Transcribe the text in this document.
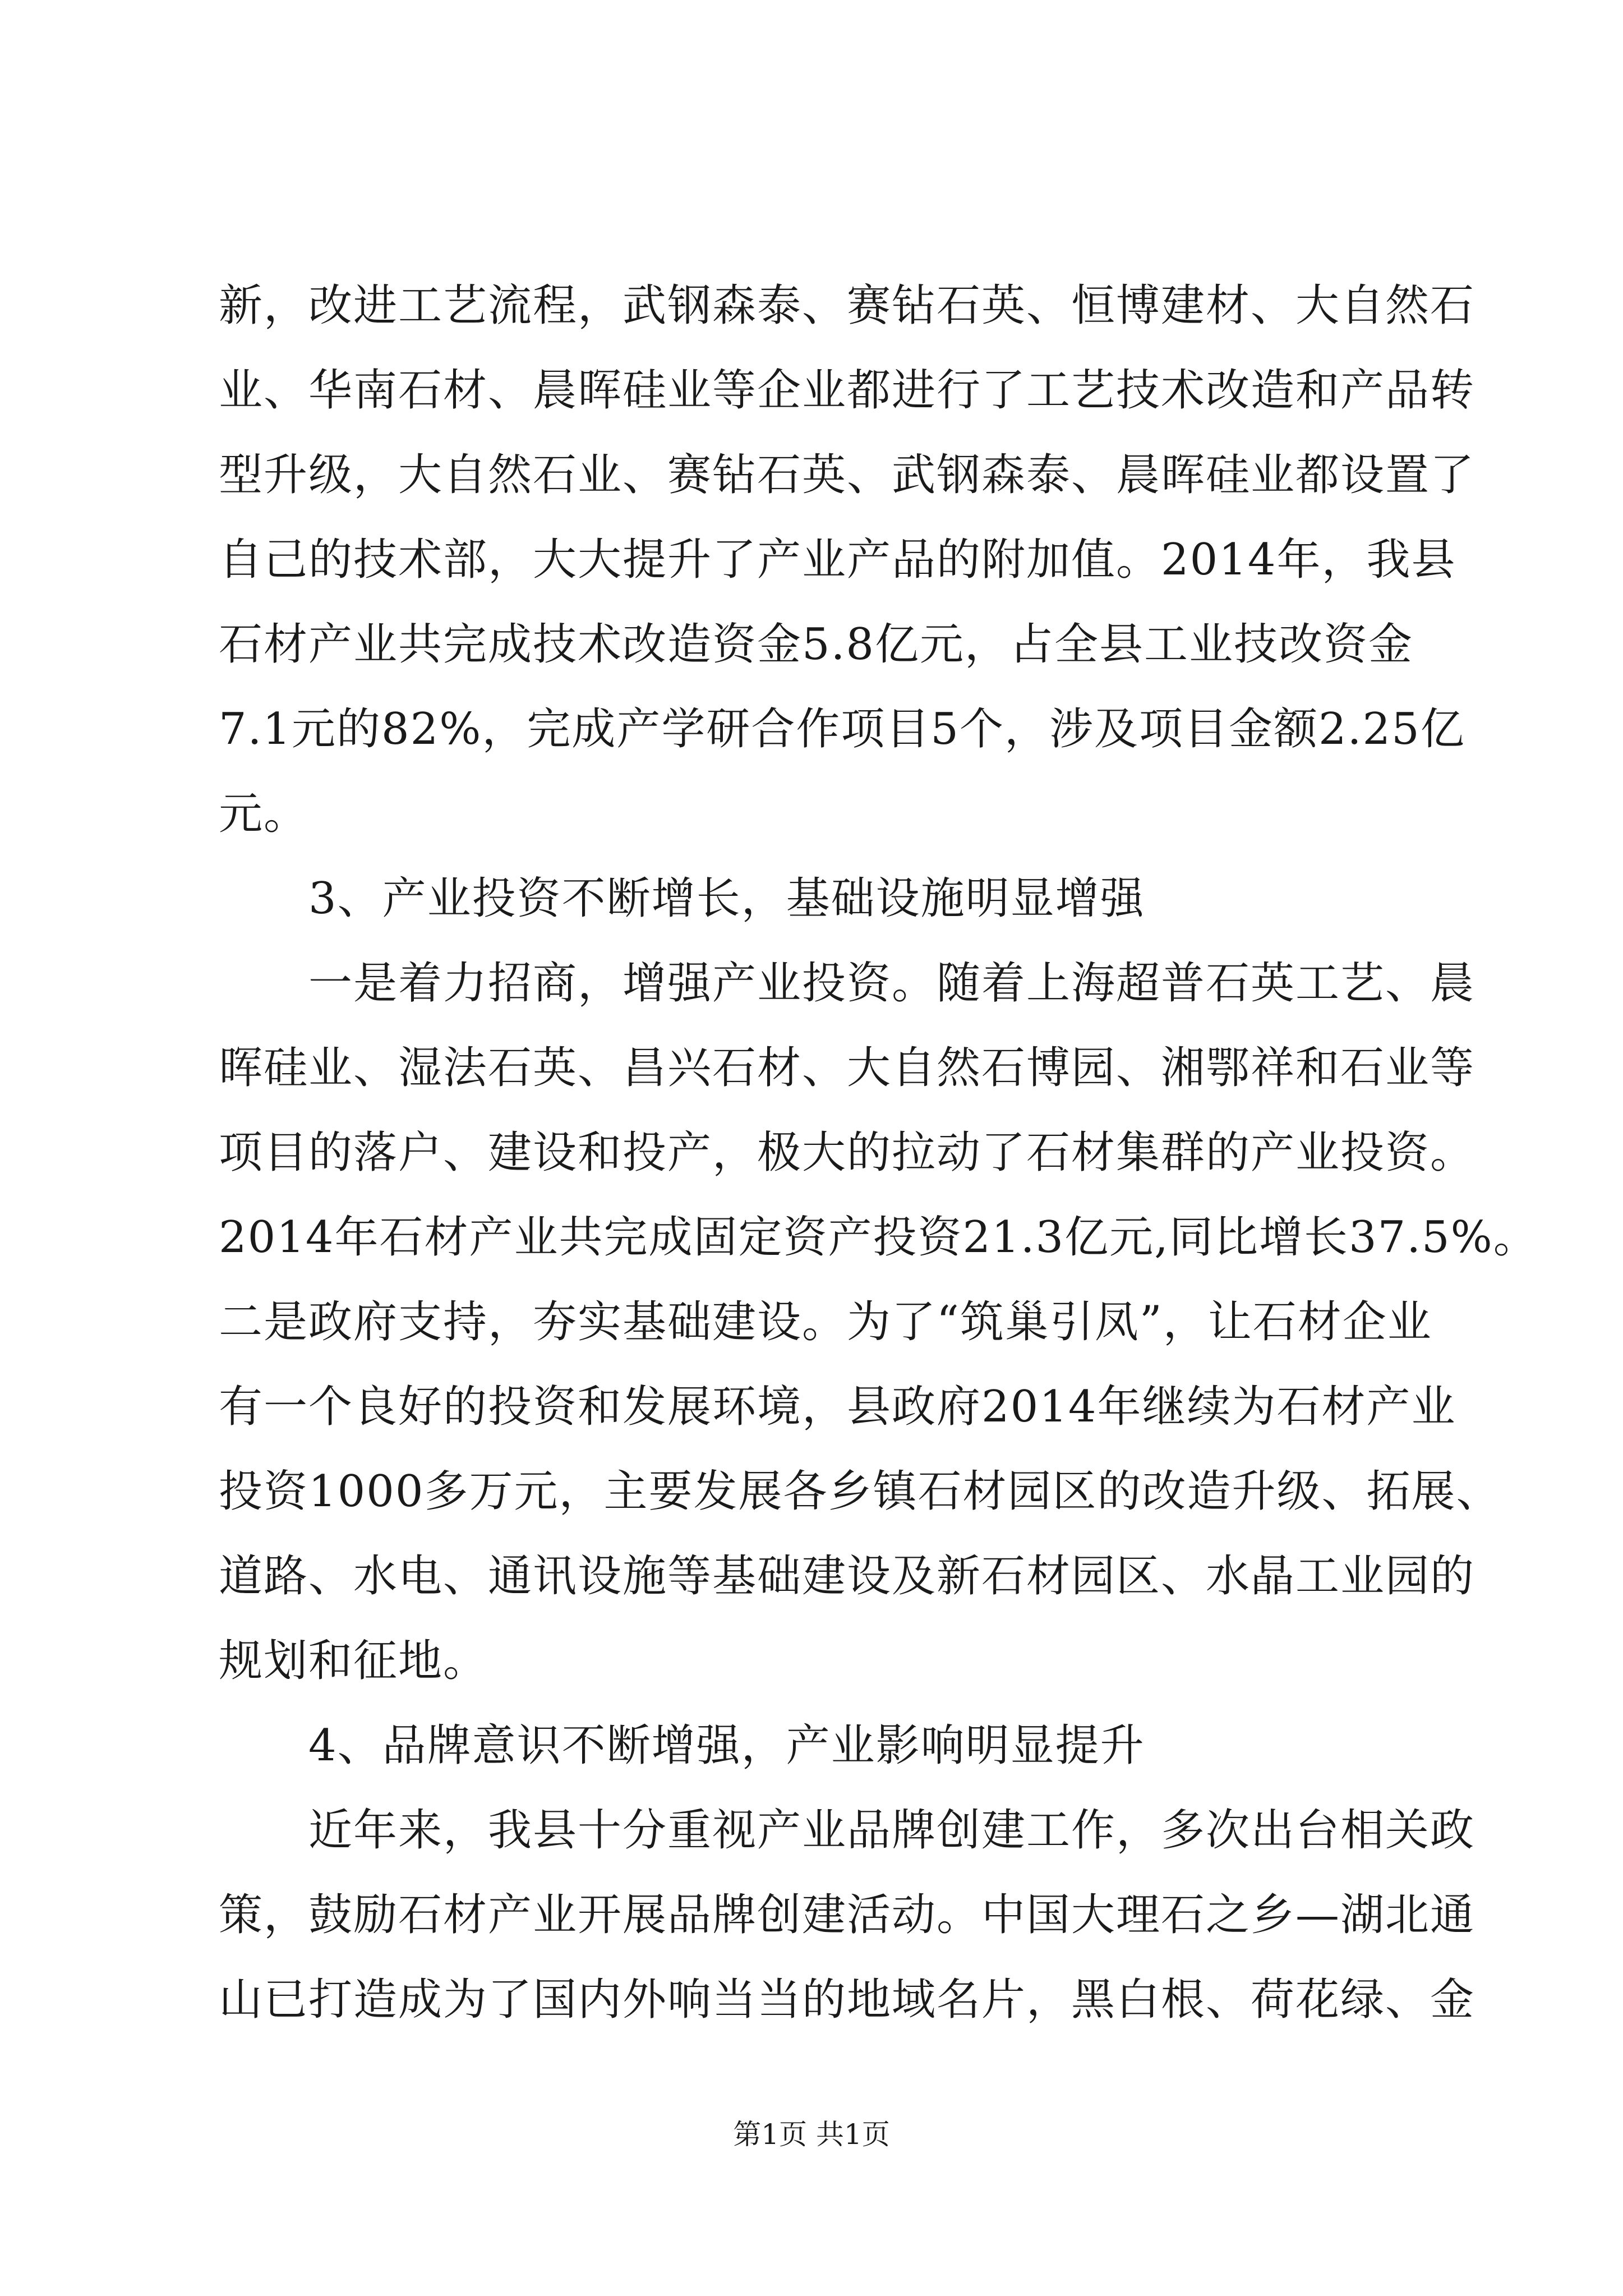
新，改进工艺流程，武钢森泰、赛钻石英、恒博建材、大自然石
业、华南石材、晨晖硅业等企业都进行了工艺技术改造和产品转
型升级，大自然石业、赛钻石英、武钢森泰、晨晖硅业都设置了
自己的技术部，大大提升了产业产品的附加值。2014年，我县
石材产业共完成技术改造资金5.8亿元，占全县工业技改资金
7.1元的82%，完成产学研合作项目5个，涉及项目金额2.25亿
元。
3、产业投资不断增长，基础设施明显增强
一是着力招商，增强产业投资。随着上海超普石英工艺、晨
晖硅业、湿法石英、昌兴石材、大自然石博园、湘鄂祥和石业等
项目的落户、建设和投产，极大的拉动了石材集群的产业投资。
2014年石材产业共完成固定资产投资21.3亿元,同比增长37.5%。
二是政府支持，夯实基础建设。为了“筑巢引凤”，让石材企业
有一个良好的投资和发展环境，县政府2014年继续为石材产业
投资1000多万元，主要发展各乡镇石材园区的改造升级、拓展、
道路、水电、通讯设施等基础建设及新石材园区、水晶工业园的
规划和征地。
4、品牌意识不断增强，产业影响明显提升
近年来，我县十分重视产业品牌创建工作，多次出台相关政
策，鼓励石材产业开展品牌创建活动。中国大理石之乡—湖北通
山已打造成为了国内外响当当的地域名片，黑白根、荷花绿、金
第1页 共1页
